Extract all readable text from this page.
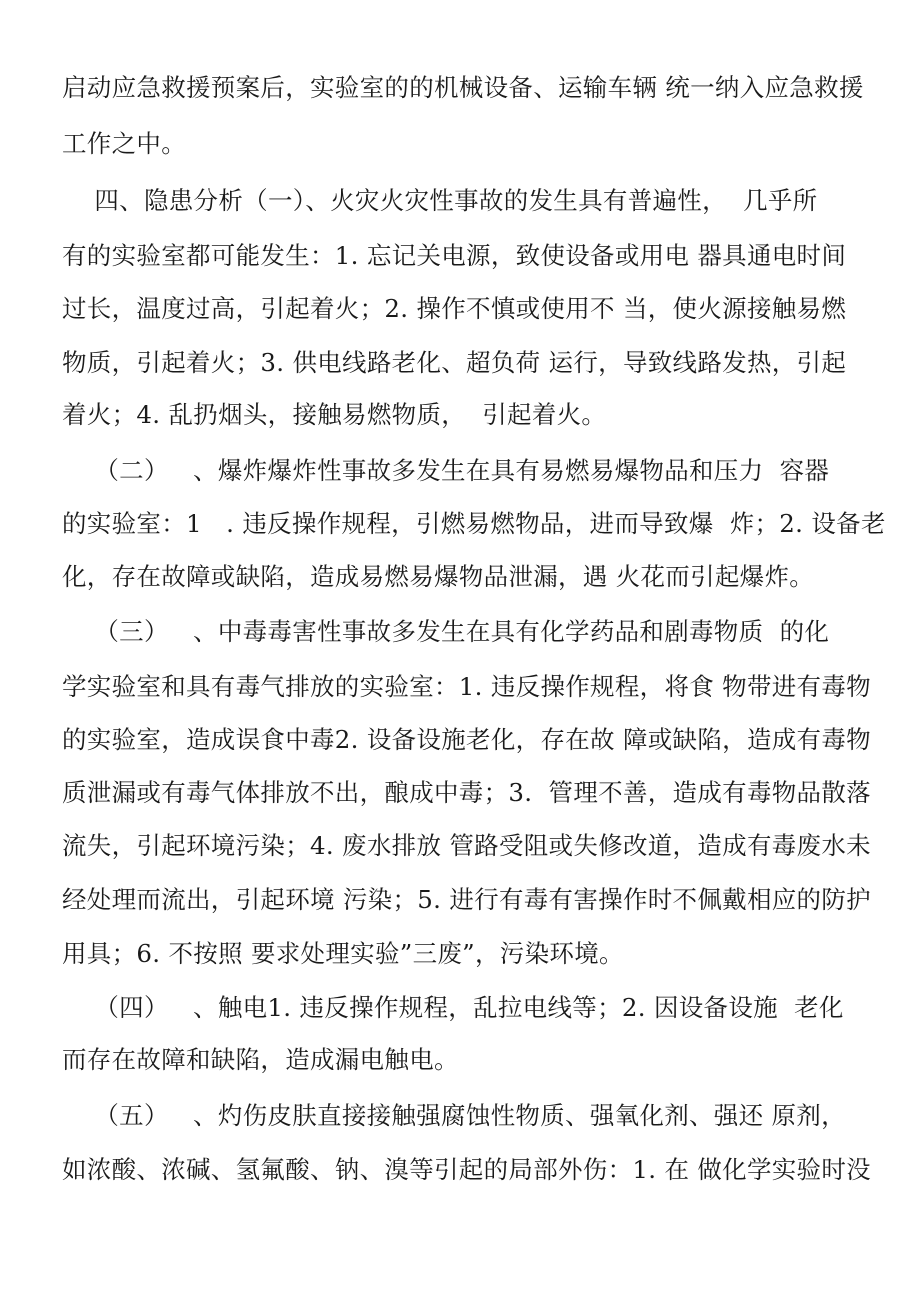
启动应急救援预案后，实验室的的机械设备、运输车辆 统一纳入应急救援
工作之中。
四、隐患分析（一）、火灾火灾性事故的发生具有普遍性，  几乎所
有的实验室都可能发生：1. 忘记关电源，致使设备或用电 器具通电时间
过长，温度过高，引起着火；2. 操作不慎或使用不 当，使火源接触易燃
物质，引起着火；3. 供电线路老化、超负荷 运行，导致线路发热，引起
着火；4. 乱扔烟头，接触易燃物质，  引起着火。
（二）   、爆炸爆炸性事故多发生在具有易燃易爆物品和压力  容器
的实验室：1   . 违反操作规程，引燃易燃物品，进而导致爆  炸；2. 设备老
化，存在故障或缺陷，造成易燃易爆物品泄漏，遇 火花而引起爆炸。
（三）   、中毒毒害性事故多发生在具有化学药品和剧毒物质  的化
学实验室和具有毒气排放的实验室：1. 违反操作规程，将食 物带进有毒物
的实验室，造成误食中毒2. 设备设施老化，存在故 障或缺陷，造成有毒物
质泄漏或有毒气体排放不出，酿成中毒；3.  管理不善，造成有毒物品散落
流失，引起环境污染；4. 废水排放 管路受阻或失修改道，造成有毒废水未
经处理而流出，引起环境 污染；5. 进行有毒有害操作时不佩戴相应的防护
用具；6. 不按照 要求处理实验”三废”，污染环境。
（四）   、触电1. 违反操作规程，乱拉电线等；2. 因设备设施  老化
而存在故障和缺陷，造成漏电触电。
（五）   、灼伤皮肤直接接触强腐蚀性物质、强氧化剂、强还 原剂，
如浓酸、浓碱、氢氟酸、钠、溴等引起的局部外伤：1. 在 做化学实验时没
